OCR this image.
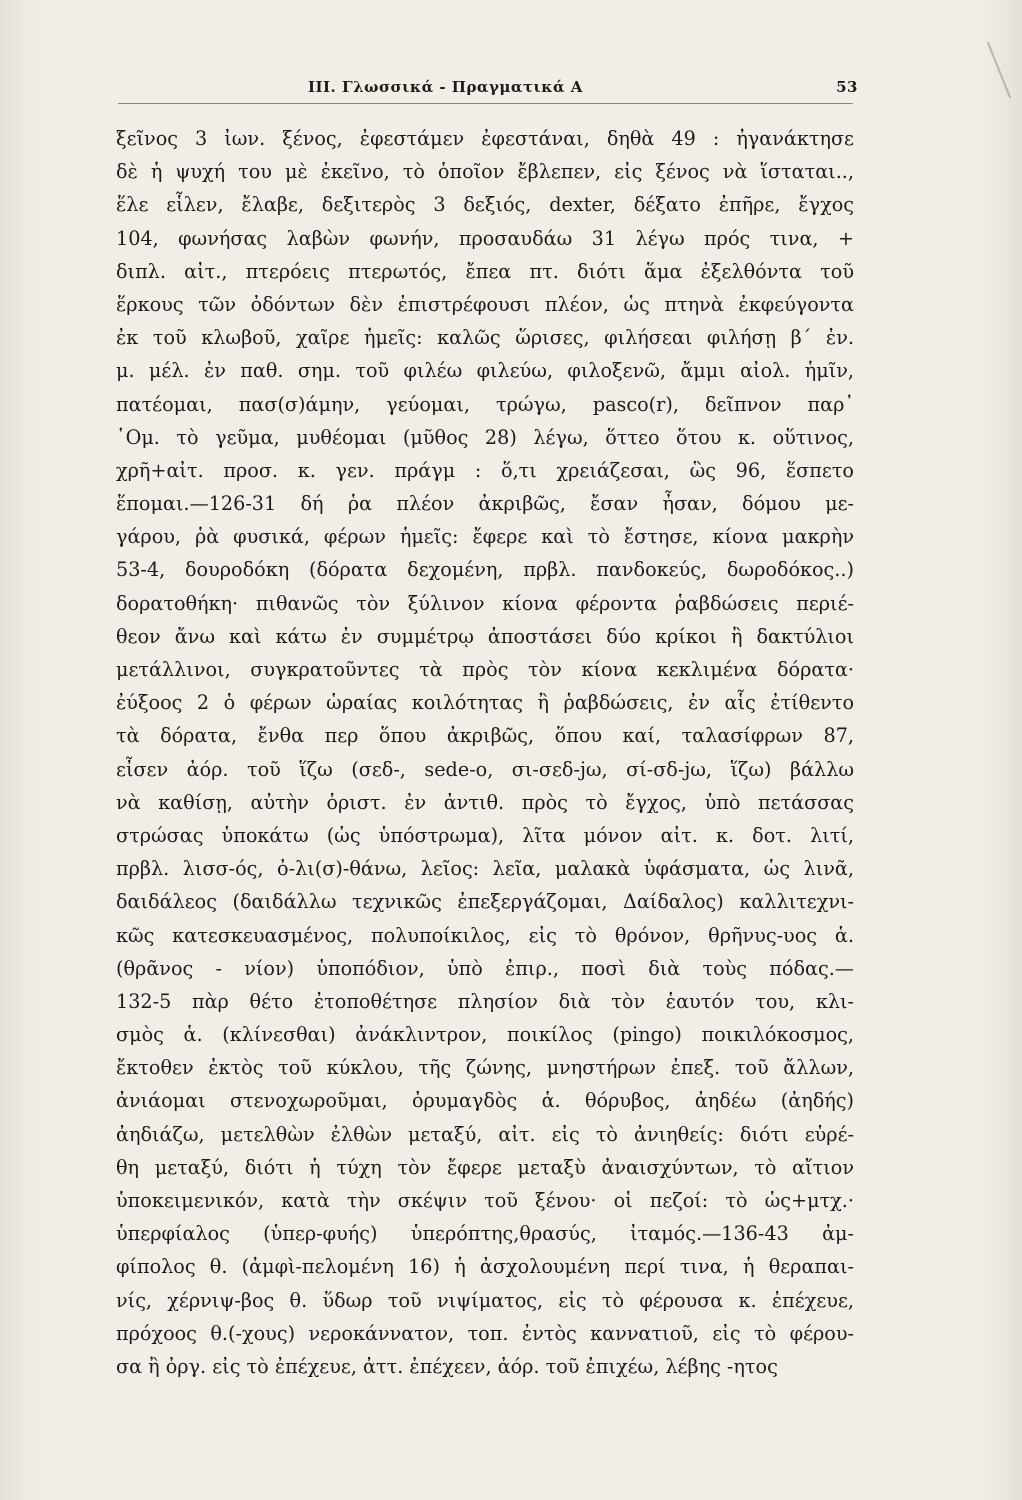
ΙΙΙ. Γλωσσικά - Πραγματικά Α	53
ξεῖνος 3 ἰων. ξένος, ἐφεστάμεν ἐφεστάναι, δηθὰ 49 : ἠγανάκτησε
δὲ ἡ ψυχή του μὲ ἐκεῖνο, τὸ ὁποῖον ἔβλεπεν, εἰς ξένος νὰ ἵσταται..,
ἕλε εἷλεν, ἔλαβε, δεξιτερὸς 3 δεξιός, dexter, δέξατο ἐπῆρε, ἔγχος
104, φωνήσας λαβὼν φωνήν, προσαυδάω 31 λέγω πρός τινα, +
διπλ. αἰτ., πτερόεις πτερωτός, ἔπεα πτ. διότι ἅμα ἐξελθόντα τοῦ
ἕρκους τῶν ὀδόντων δὲν ἐπιστρέφουσι πλέον, ὡς πτηνὰ ἐκφεύγοντα
ἐκ τοῦ κλωβοῦ, χαῖρε ἡμεῖς: καλῶς ὥρισες, φιλήσεαι φιλήσῃ β΄ ἐν.
μ. μέλ. ἐν παθ. σημ. τοῦ φιλέω φιλεύω, φιλοξενῶ, ἄμμι αἰολ. ἡμῖν,
πατέομαι, πασ(σ)άμην, γεύομαι, τρώγω, pasco(r), δεῖπνον παρ᾽
῾Ομ. τὸ γεῦμα, μυθέομαι (μῦθος 28) λέγω, ὅττεο ὅτου κ. οὕτινος,
χρῆ+αἰτ. προσ. κ. γεν. πράγμ : ὅ,τι χρειάζεσαι, ὣς 96, ἕσπετο
ἕπομαι.—126-31 δή ῥα πλέον ἀκριβῶς, ἔσαν ἦσαν, δόμου με-
γάρου, ῥὰ φυσικά, φέρων ἡμεῖς: ἔφερε καὶ τὸ ἔστησε, κίονα μακρὴν
53-4, δουροδόκη (δόρατα δεχομένη, πρβλ. πανδοκεύς, δωροδόκος..)
δορατοθήκη· πιθανῶς τὸν ξύλινον κίονα φέροντα ῥαβδώσεις περιέ-
θεον ἄνω καὶ κάτω ἐν συμμέτρῳ ἀποστάσει δύο κρίκοι ἢ δακτύλιοι
μετάλλινοι, συγκρατοῦντες τὰ πρὸς τὸν κίονα κεκλιμένα δόρατα·
ἐύξοος 2 ὁ φέρων ὡραίας κοιλότητας ἢ ῥαβδώσεις, ἐν αἷς ἐτίθεντο
τὰ δόρατα, ἔνθα περ ὅπου ἀκριβῶς, ὅπου καί, ταλασίφρων 87,
εἶσεν ἀόρ. τοῦ ἵζω (σεδ-, sede-o, σι-σεδ-jω, σί-σδ-jω, ἵζω) βάλλω
νὰ καθίσῃ, αὐτὴν ὁριστ. ἐν ἀντιθ. πρὸς τὸ ἔγχος, ὑπὸ πετάσσας
στρώσας ὑποκάτω (ὡς ὑπόστρωμα), λῖτα μόνον αἰτ. κ. δοτ. λιτί,
πρβλ. λισσ-ός, ὀ-λι(σ)-θάνω, λεῖος: λεῖα, μαλακὰ ὑφάσματα, ὡς λινᾶ,
δαιδάλεος (δαιδάλλω τεχνικῶς ἐπεξεργάζομαι, Δαίδαλος) καλλιτεχνι-
κῶς κατεσκευασμένος, πολυποίκιλος, εἰς τὸ θρόνον, θρῆνυς-υος ἁ.
(θρᾶνος - νίον) ὑποπόδιον, ὑπὸ ἐπιρ., ποσὶ διὰ τοὺς πόδας.—
132-5 πὰρ θέτο ἐτοποθέτησε πλησίον διὰ τὸν ἑαυτόν του, κλι-
σμὸς ἁ. (κλίνεσθαι) ἀνάκλιντρον, ποικίλος (pingo) ποικιλόκοσμος,
ἔκτοθεν ἐκτὸς τοῦ κύκλου, τῆς ζώνης, μνηστήρων ἐπεξ. τοῦ ἄλλων,
ἀνιάομαι στενοχωροῦμαι, ὀρυμαγδὸς ἁ. θόρυβος, ἀηδέω (ἀηδής)
ἀηδιάζω, μετελθὼν ἐλθὼν μεταξύ, αἰτ. εἰς τὸ ἀνιηθείς: διότι εὑρέ-
θη μεταξύ, διότι ἡ τύχη τὸν ἔφερε μεταξὺ ἀναισχύντων, τὸ αἴτιον
ὑποκειμενικόν, κατὰ τὴν σκέψιν τοῦ ξένου· οἱ πεζοί: τὸ ὡς+μτχ.·
ὑπερφίαλος (ὑπερ-φυής) ὑπερόπτης,θρασύς, ἰταμός.—136-43 ἀμ-
φίπολος θ. (ἀμφὶ-πελομένη 16) ἡ ἀσχολουμένη περί τινα, ἡ θεραπαι-
νίς, χέρνιψ-βος θ. ὕδωρ τοῦ νιψίματος, εἰς τὸ φέρουσα κ. ἐπέχευε,
πρόχοος θ.(-χους) νεροκάννατον, τοπ. ἐντὸς καννατιοῦ, εἰς τὸ φέρου-
σα ἢ ὀργ. εἰς τὸ ἐπέχευε, ἀττ. ἐπέχεεν, ἀόρ. τοῦ ἐπιχέω, λέβης -ητος
